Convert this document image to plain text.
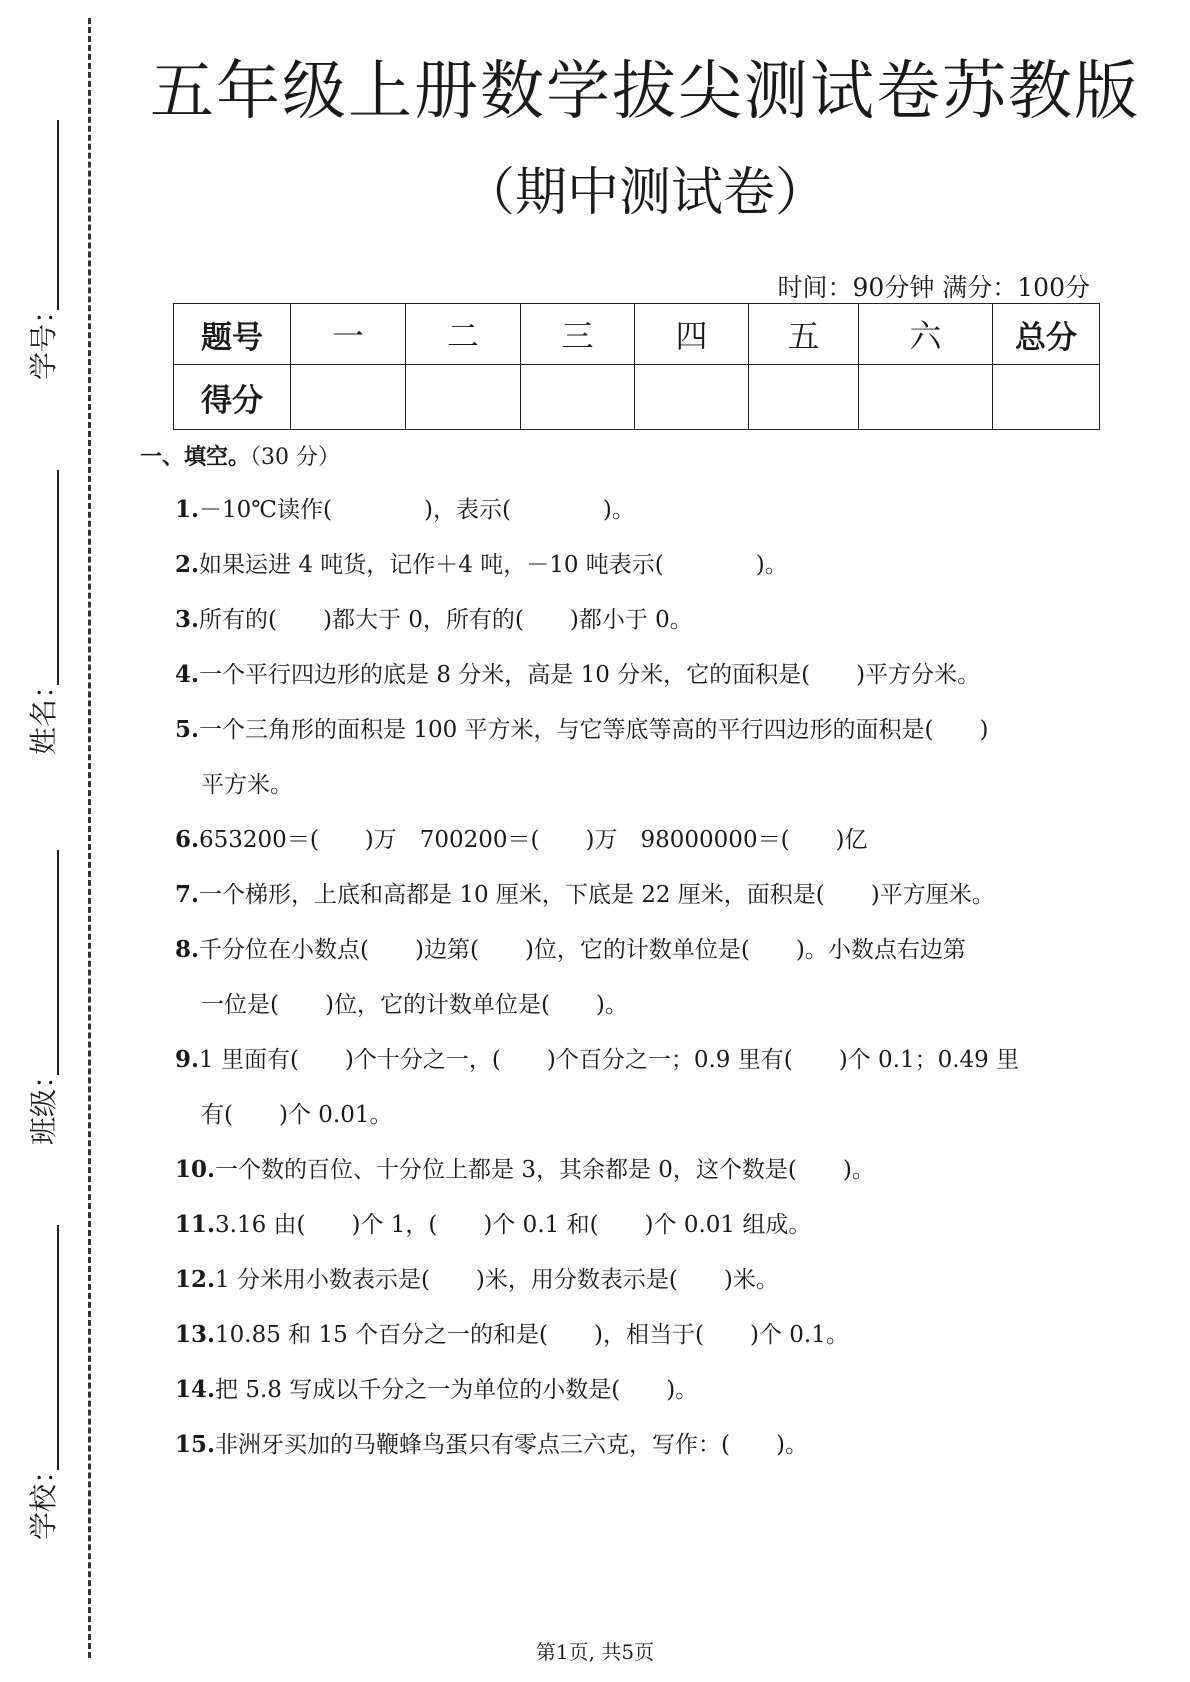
学号：
姓名：
班级：
学校：
五年级上册数学拔尖测试卷苏教版
（期中测试卷）
时间：90分钟 满分：100分
题号	一	二	三	四	五	六	总分
得分							
一、填空。（30 分）
1.－10℃读作(　　　　)，表示(　　　　)。
2.如果运进 4 吨货，记作＋4 吨，－10 吨表示(　　　　)。
3.所有的(　　)都大于 0，所有的(　　)都小于 0。
4.一个平行四边形的底是 8 分米，高是 10 分米，它的面积是(　　)平方分米。
5.一个三角形的面积是 100 平方米，与它等底等高的平行四边形的面积是(　　)
平方米。
6.653200＝(　　)万　700200＝(　　)万　98000000＝(　　)亿
7.一个梯形，上底和高都是 10 厘米，下底是 22 厘米，面积是(　　)平方厘米。
8.千分位在小数点(　　)边第(　　)位，它的计数单位是(　　)。小数点右边第
一位是(　　)位，它的计数单位是(　　)。
9.1 里面有(　　)个十分之一，(　　)个百分之一；0.9 里有(　　)个 0.1；0.49 里
有(　　)个 0.01。
10.一个数的百位、十分位上都是 3，其余都是 0，这个数是(　　)。
11.3.16 由(　　)个 1，(　　)个 0.1 和(　　)个 0.01 组成。
12.1 分米用小数表示是(　　)米，用分数表示是(　　)米。
13.10.85 和 15 个百分之一的和是(　　)，相当于(　　)个 0.1。
14.把 5.8 写成以千分之一为单位的小数是(　　)。
15.非洲牙买加的马鞭蜂鸟蛋只有零点三六克，写作：(　　)。
第1页, 共5页
